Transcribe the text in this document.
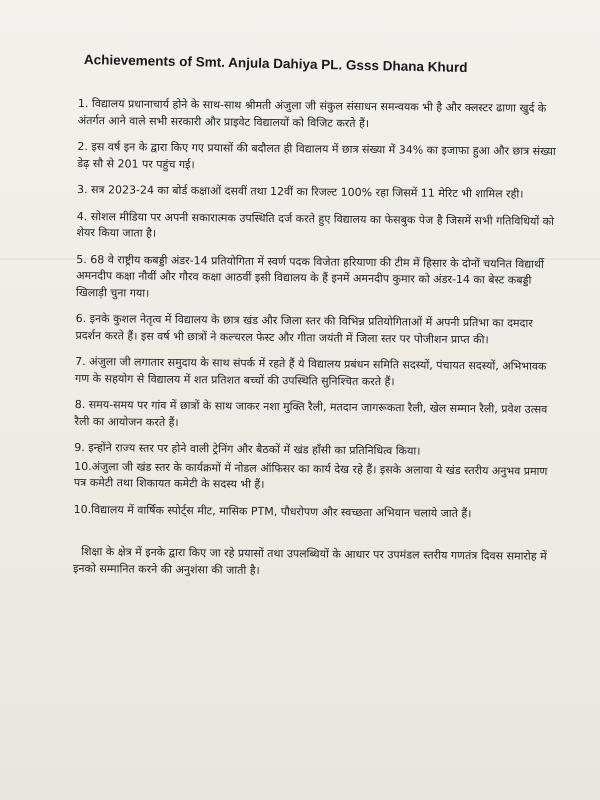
Achievements of Smt. Anjula Dahiya PL. Gsss Dhana Khurd

1. विद्यालय प्रधानाचार्य होने के साथ-साथ श्रीमती अंजुला जी संकुल संसाधन समन्वयक भी है और क्लस्टर ढाणा खुर्द के अंतर्गत आने वाले सभी सरकारी और प्राइवेट विद्यालयों को विजिट करते हैं।

2. इस वर्ष इन के द्वारा किए गए प्रयासों की बदौलत ही विद्यालय में छात्र संख्या में 34% का इजाफा हुआ और छात्र संख्या डेढ़ सौ से 201 पर पहुंच गई।

3. सत्र 2023-24 का बोर्ड कक्षाओं दसवीं तथा 12वीं का रिजल्ट 100% रहा जिसमें 11 मेरिट भी शामिल रही।

4. सोशल मीडिया पर अपनी सकारात्मक उपस्थिति दर्ज करते हुए विद्यालय का फेसबुक पेज है जिसमें सभी गतिविधियों को शेयर किया जाता है।

5. 68 वे राष्ट्रीय कबड्डी अंडर-14 प्रतियोगिता में स्वर्ण पदक विजेता हरियाणा की टीम में हिसार के दोनों चयनित विद्यार्थी अमनदीप कक्षा नौवीं और गौरव कक्षा आठवीं इसी विद्यालय के हैं इनमें अमनदीप कुमार को अंडर-14 का बेस्ट कबड्डी खिलाड़ी चुना गया।

6. इनके कुशल नेतृत्व में विद्यालय के छात्र खंड और जिला स्तर की विभिन्न प्रतियोगिताओं में अपनी प्रतिभा का दमदार प्रदर्शन करते हैं। इस वर्ष भी छात्रों ने कल्चरल फेस्ट और गीता जयंती में जिला स्तर पर पोजीशन प्राप्त की।

7. अंजुला जी लगातार समुदाय के साथ संपर्क में रहते हैं ये विद्यालय प्रबंधन समिति सदस्यों, पंचायत सदस्यों, अभिभावक गण के सहयोग से विद्यालय में शत प्रतिशत बच्चों की उपस्थिति सुनिश्चित करते हैं।

8. समय-समय पर गांव में छात्रों के साथ जाकर नशा मुक्ति रैली, मतदान जागरूकता रैली, खेल सम्मान रैली, प्रवेश उत्सव रैली का आयोजन करते हैं।

9. इन्होंने राज्य स्तर पर होने वाली ट्रेनिंग और बैठकों में खंड हाँसी का प्रतिनिधित्व किया।

10.अंजुला जी खंड स्तर के कार्यक्रमों में नोडल ऑफिसर का कार्य देख रहे हैं। इसके अलावा ये खंड स्तरीय अनुभव प्रमाण पत्र कमेटी तथा शिकायत कमेटी के सदस्य भी हैं।

10.विद्यालय में वार्षिक स्पोर्ट्स मीट, मासिक PTM, पौधरोपण और स्वच्छता अभियान चलाये जाते हैं।

शिक्षा के क्षेत्र में इनके द्वारा किए जा रहे प्रयासों तथा उपलब्धियों के आधार पर उपमंडल स्तरीय गणतंत्र दिवस समारोह में इनको सम्मानित करने की अनुशंसा की जाती है।
